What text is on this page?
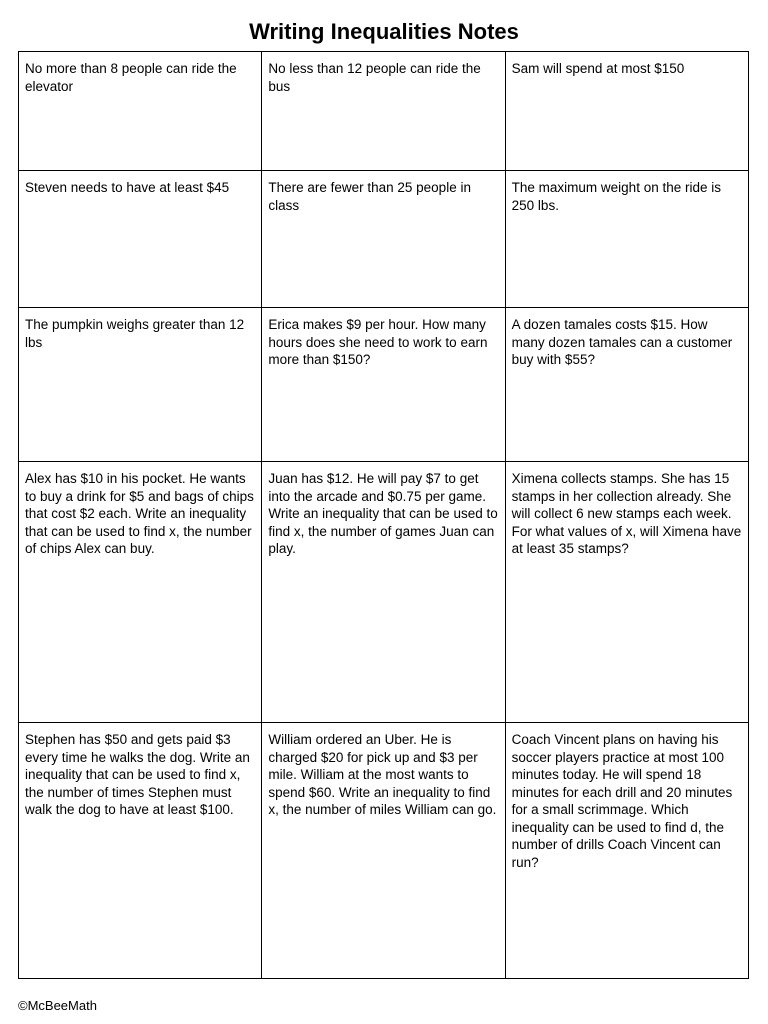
Writing Inequalities Notes
No more than 8 people can ride the elevator	No less than 12 people can ride the bus	Sam will spend at most $150
Steven needs to have at least $45	There are fewer than 25 people in class	The maximum weight on the ride is 250 lbs.
The pumpkin weighs greater than 12 lbs	Erica makes $9 per hour. How many hours does she need to work to earn more than $150?	A dozen tamales costs $15. How many dozen tamales can a customer buy with $55?
Alex has $10 in his pocket. He wants to buy a drink for $5 and bags of chips that cost $2 each. Write an inequality that can be used to find x, the number of chips Alex can buy.	Juan has $12. He will pay $7 to get into the arcade and $0.75 per game. Write an inequality that can be used to find x, the number of games Juan can play.	Ximena collects stamps. She has 15 stamps in her collection already. She will collect 6 new stamps each week. For what values of x, will Ximena have at least 35 stamps?
Stephen has $50 and gets paid $3 every time he walks the dog. Write an inequality that can be used to find x, the number of times Stephen must walk the dog to have at least $100.	William ordered an Uber. He is charged $20 for pick up and $3 per mile. William at the most wants to spend $60. Write an inequality to find x, the number of miles William can go.	Coach Vincent plans on having his soccer players practice at most 100 minutes today. He will spend 18 minutes for each drill and 20 minutes for a small scrimmage. Which inequality can be used to find d, the number of drills Coach Vincent can run?
©McBeeMath
